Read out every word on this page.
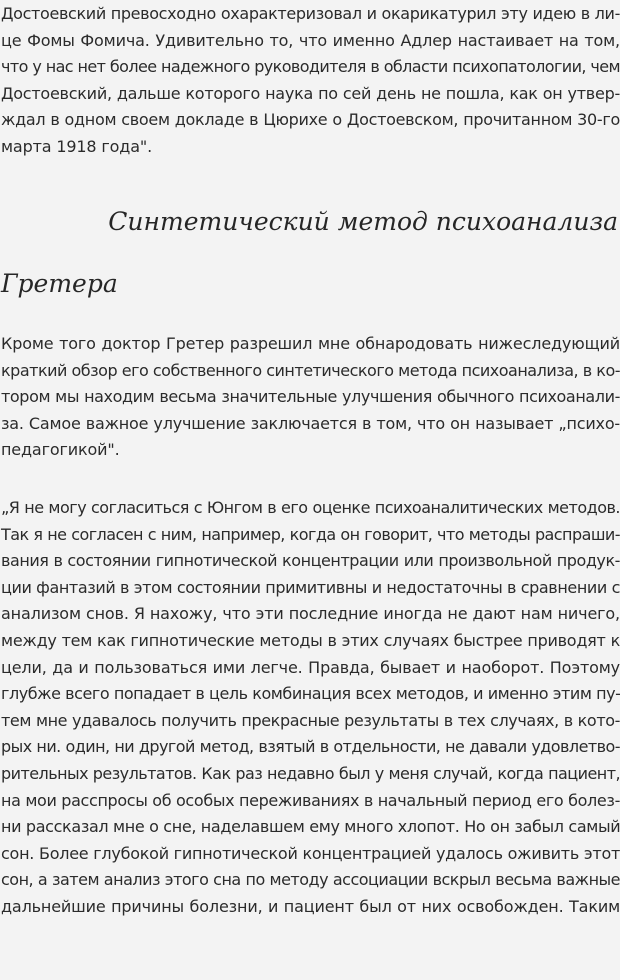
Достоевский превосходно охарактеризовал и окарикатурил эту идею в ли-
це Фомы Фомича. Удивительно то, что именно Адлер настаивает на том,
что у нас нет более надежного руководителя в области психопатологии, чем
Достоевский, дальше которого наука по сей день не пошла, как он утвер-
ждал в одном своем докладе в Цюрихе о Достоевском, прочитанном 30-го
марта 1918 года".
Синтетический метод психоанализа
Гретера
Кроме того доктор Гретер разрешил мне обнародовать нижеследующий
краткий обзор его собственного синтетического метода психоанализа, в ко-
тором мы находим весьма значительные улучшения обычного психоанали-
за. Самое важное улучшение заключается в том, что он называет „психо-
педагогикой".
„Я не могу согласиться с Юнгом в его оценке психоаналитических методов.
Так я не согласен с ним, например, когда он говорит, что методы распраши-
вания в состоянии гипнотической концентрации или произвольной продук-
ции фантазий в этом состоянии примитивны и недостаточны в сравнении с
анализом снов. Я нахожу, что эти последние иногда не дают нам ничего,
между тем как гипнотические методы в этих случаях быстрее приводят к
цели, да и пользоваться ими легче. Правда, бывает и наоборот. Поэтому
глубже всего попадает в цель комбинация всех методов, и именно этим пу-
тем мне удавалось получить прекрасные результаты в тех случаях, в кото-
рых ни. один, ни другой метод, взятый в отдельности, не давали удовлетво-
рительных результатов. Как раз недавно был у меня случай, когда пациент,
на мои расспросы об особых переживаниях в начальный период его болез-
ни рассказал мне о сне, наделавшем ему много хлопот. Но он забыл самый
сон. Более глубокой гипнотической концентрацией удалось оживить этот
сон, а затем анализ этого сна по методу ассоциации вскрыл весьма важные
дальнейшие причины болезни, и пациент был от них освобожден. Таким
